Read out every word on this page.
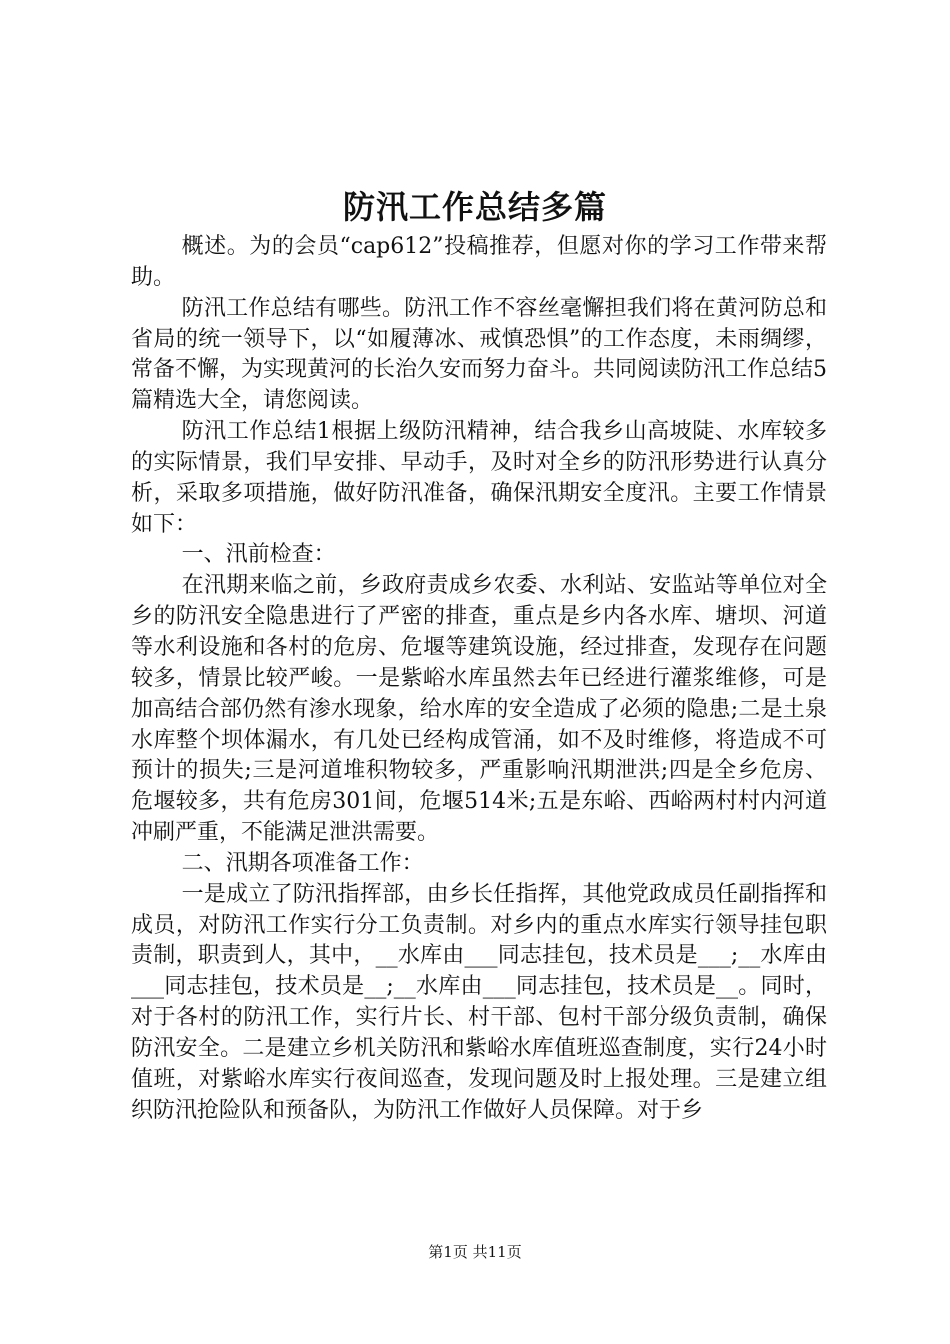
防汛工作总结多篇

概述。为的会员“cap612”投稿推荐，但愿对你的学习工作带来帮助。

防汛工作总结有哪些。防汛工作不容丝毫懈担我们将在黄河防总和省局的统一领导下，以“如履薄冰、戒慎恐惧”的工作态度，未雨绸缪，常备不懈，为实现黄河的长治久安而努力奋斗。共同阅读防汛工作总结5篇精选大全，请您阅读。

防汛工作总结1根据上级防汛精神，结合我乡山高坡陡、水库较多的实际情景，我们早安排、早动手，及时对全乡的防汛形势进行认真分析，采取多项措施，做好防汛准备，确保汛期安全度汛。主要工作情景如下：

一、汛前检查：

在汛期来临之前，乡政府责成乡农委、水利站、安监站等单位对全乡的防汛安全隐患进行了严密的排查，重点是乡内各水库、塘坝、河道等水利设施和各村的危房、危堰等建筑设施，经过排查，发现存在问题较多，情景比较严峻。一是紫峪水库虽然去年已经进行灌浆维修，可是加高结合部仍然有渗水现象，给水库的安全造成了必须的隐患;二是土泉水库整个坝体漏水，有几处已经构成管涌，如不及时维修，将造成不可预计的损失;三是河道堆积物较多，严重影响汛期泄洪;四是全乡危房、危堰较多，共有危房301间，危堰514米;五是东峪、西峪两村村内河道冲刷严重，不能满足泄洪需要。

二、汛期各项准备工作：

一是成立了防汛指挥部，由乡长任指挥，其他党政成员任副指挥和成员，对防汛工作实行分工负责制。对乡内的重点水库实行领导挂包职责制，职责到人，其中，__水库由___同志挂包，技术员是___;__水库由___同志挂包，技术员是__;__水库由___同志挂包，技术员是__。同时，对于各村的防汛工作，实行片长、村干部、包村干部分级负责制，确保防汛安全。二是建立乡机关防汛和紫峪水库值班巡查制度，实行24小时值班，对紫峪水库实行夜间巡查，发现问题及时上报处理。三是建立组织防汛抢险队和预备队，为防汛工作做好人员保障。对于乡

第1页 共11页
